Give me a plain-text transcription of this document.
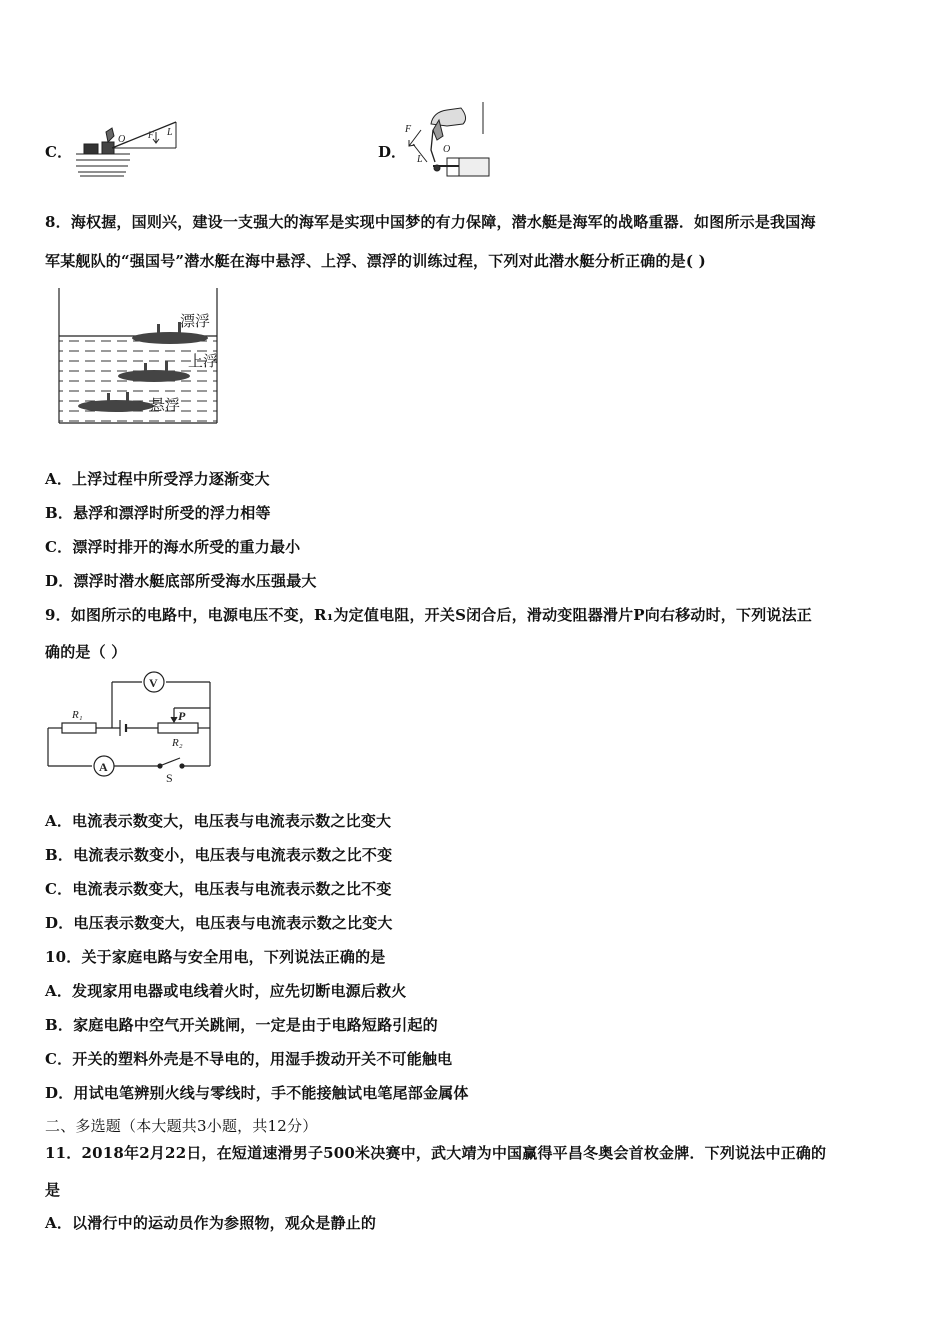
C．
O	F L
D．
F
L
O
8．海权握，国则兴，建设一支强大的海军是实现中国梦的有力保障，潜水艇是海军的战略重器．如图所示是我国海
军某舰队的“强国号”潜水艇在海中悬浮、上浮、漂浮的训练过程，下列对此潜水艇分析正确的是( )
漂浮
上浮
悬浮
A．上浮过程中所受浮力逐渐变大
B．悬浮和漂浮时所受的浮力相等
C．漂浮时排开的海水所受的重力最小
D．漂浮时潜水艇底部所受海水压强最大
9．如图所示的电路中，电源电压不变，R₁为定值电阻，开关S闭合后，滑动变阻器滑片P向右移动时，下列说法正
确的是（ ）
V
R₁	P
R₂
A
S
A．电流表示数变大，电压表与电流表示数之比变大
B．电流表示数变小，电压表与电流表示数之比不变
C．电流表示数变大，电压表与电流表示数之比不变
D．电压表示数变大，电压表与电流表示数之比变大
10．关于家庭电路与安全用电，下列说法正确的是
A．发现家用电器或电线着火时，应先切断电源后救火
B．家庭电路中空气开关跳闸，一定是由于电路短路引起的
C．开关的塑料外壳是不导电的，用湿手拨动开关不可能触电
D．用试电笔辨别火线与零线时，手不能接触试电笔尾部金属体
二、多选题（本大题共3小题，共12分）
11．2018年2月22日，在短道速滑男子500米决赛中，武大靖为中国赢得平昌冬奥会首枚金牌．下列说法中正确的
是
A．以滑行中的运动员作为参照物，观众是静止的
